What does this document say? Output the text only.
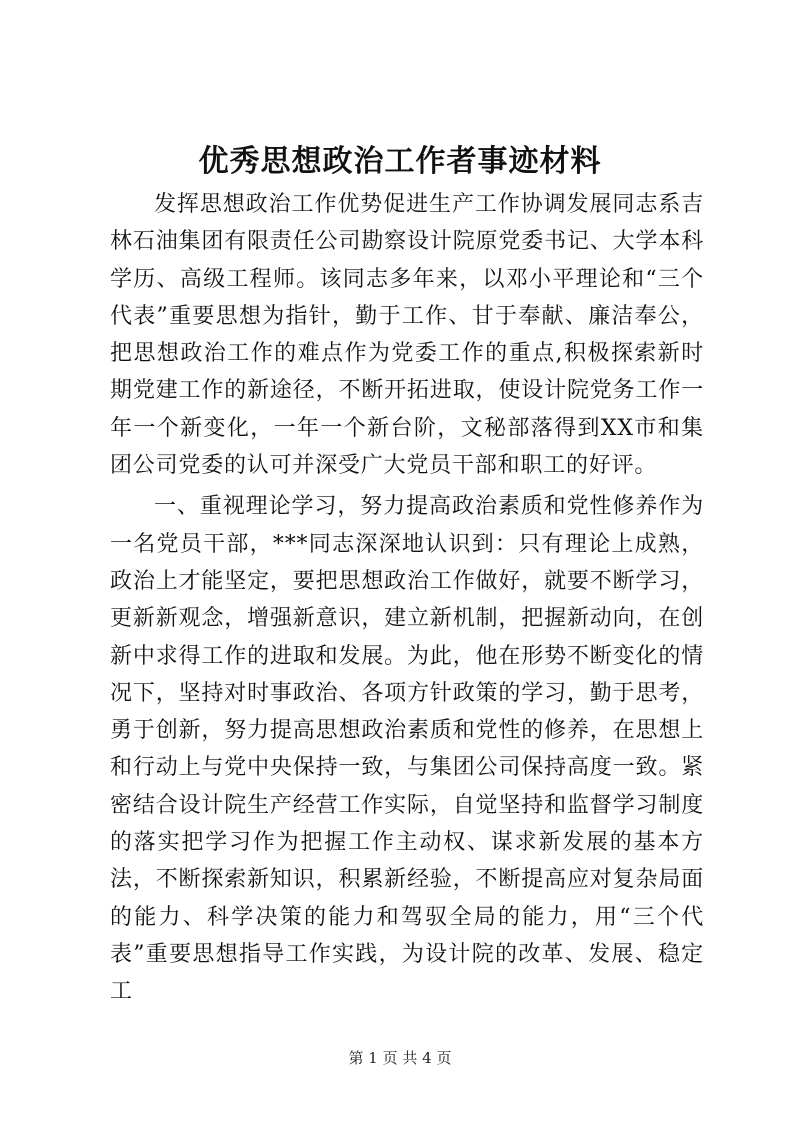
优秀思想政治工作者事迹材料

发挥思想政治工作优势促进生产工作协调发展同志系吉林石油集团有限责任公司勘察设计院原党委书记、大学本科学历、高级工程师。该同志多年来，以邓小平理论和“三个代表”重要思想为指针，勤于工作、甘于奉献、廉洁奉公，把思想政治工作的难点作为党委工作的重点,积极探索新时期党建工作的新途径，不断开拓进取，使设计院党务工作一年一个新变化，一年一个新台阶，文秘部落得到XX市和集团公司党委的认可并深受广大党员干部和职工的好评。

一、重视理论学习，努力提高政治素质和党性修养作为一名党员干部，***同志深深地认识到：只有理论上成熟，政治上才能坚定，要把思想政治工作做好，就要不断学习，更新新观念，增强新意识，建立新机制，把握新动向，在创新中求得工作的进取和发展。为此，他在形势不断变化的情况下，坚持对时事政治、各项方针政策的学习，勤于思考，勇于创新，努力提高思想政治素质和党性的修养，在思想上和行动上与党中央保持一致，与集团公司保持高度一致。紧密结合设计院生产经营工作实际，自觉坚持和监督学习制度的落实把学习作为把握工作主动权、谋求新发展的基本方法，不断探索新知识，积累新经验，不断提高应对复杂局面的能力、科学决策的能力和驾驭全局的能力，用“三个代表”重要思想指导工作实践，为设计院的改革、发展、稳定工

第 1 页 共 4 页
